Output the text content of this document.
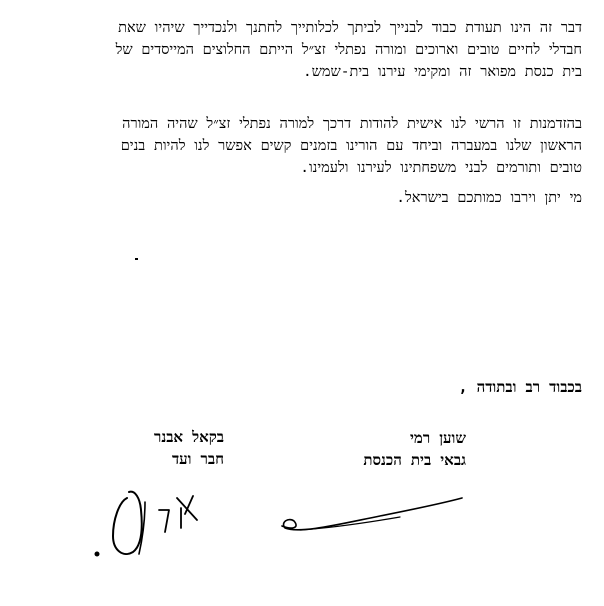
דבר זה הינו תעודת כבוד לבנייך לביתך לכלותייך לחתנך ולנכדייך שיהיו שאת
חבדלי לחיים טובים וארוכים ומורה נפתלי זצ״ל הייתם החלוצים המייסדים של
בית כנסת מפואר זה ומקימי עירנו בית-שמש.
בהזדמנות זו הרשי לנו אישית להודות דרכך למורה נפתלי זצ״ל שהיה המורה
הראשון שלנו במעברה וביחד עם הורינו בזמנים קשים אפשר לנו להיות בנים
טובים ותורמים לבני משפחתינו לעירנו ולעמינו.
מי יתן וירבו כמותכם בישראל.
בכבוד רב ובתודה ,
שוען רמי
גבאי בית הכנסת
בקאל אבנר
חבר ועד
